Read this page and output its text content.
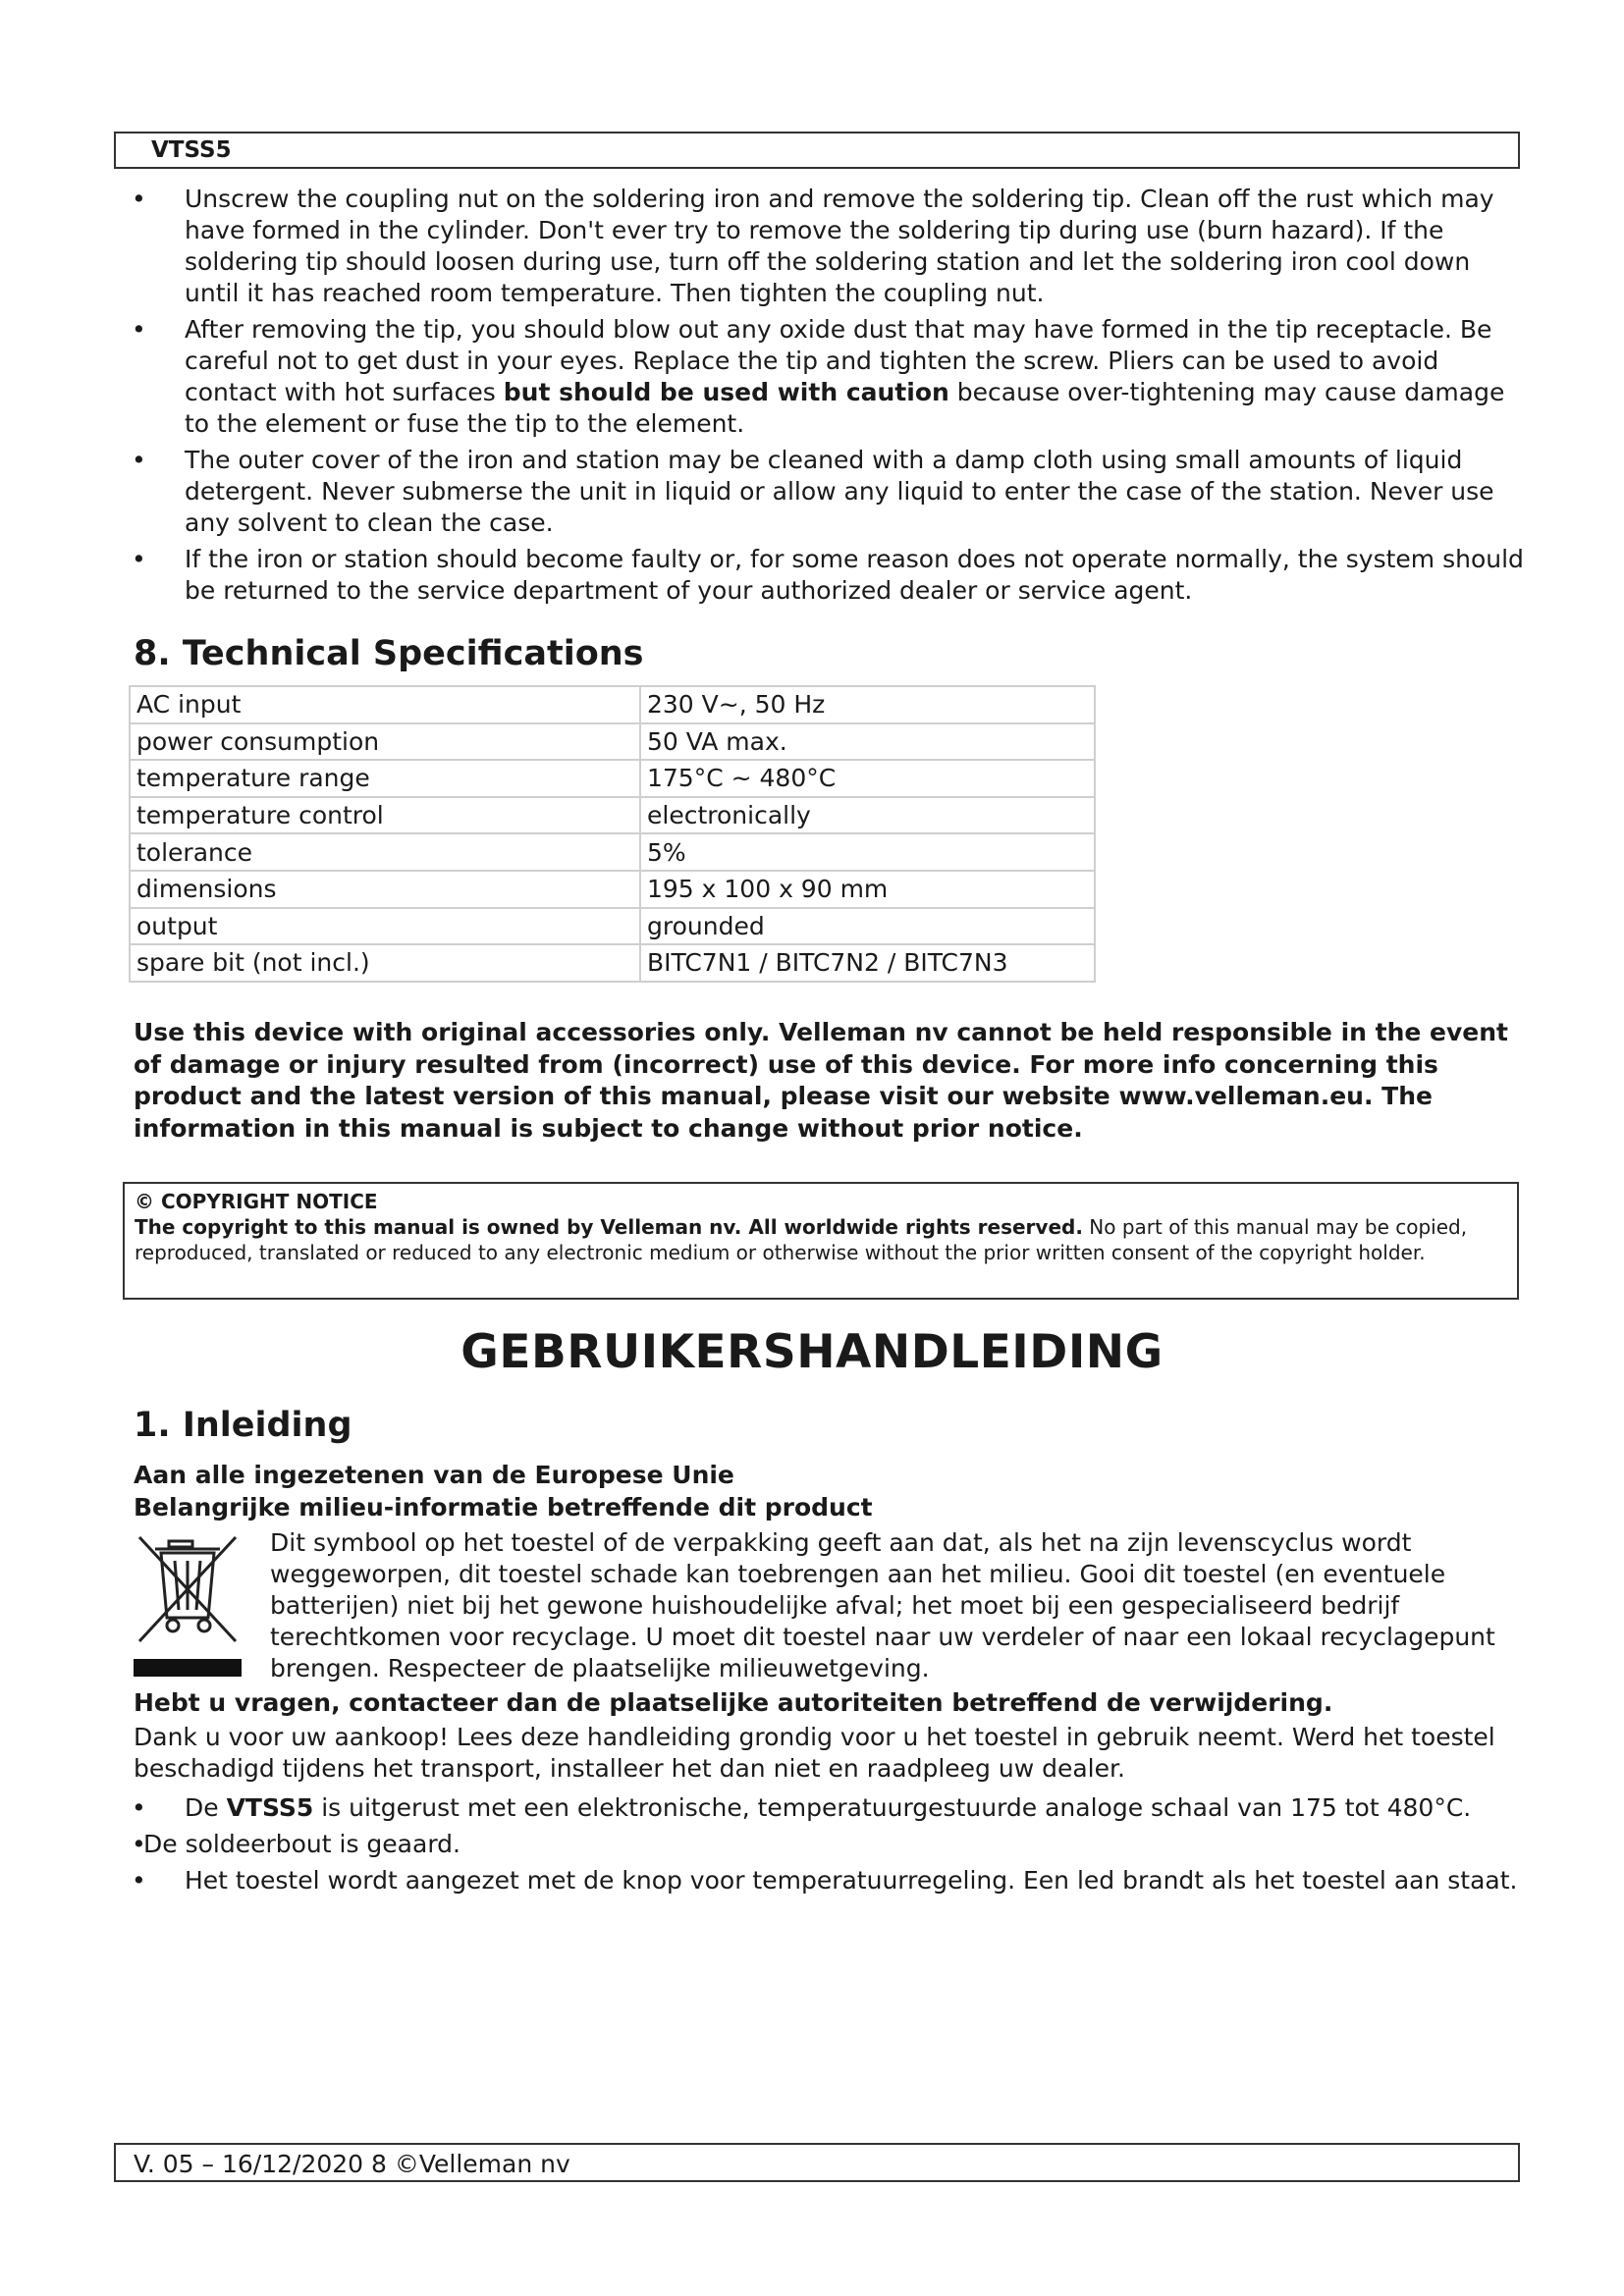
VTSS5
• Unscrew the coupling nut on the soldering iron and remove the soldering tip. Clean off the rust which may have formed in the cylinder. Don't ever try to remove the soldering tip during use (burn hazard). If the soldering tip should loosen during use, turn off the soldering station and let the soldering iron cool down until it has reached room temperature. Then tighten the coupling nut.
• After removing the tip, you should blow out any oxide dust that may have formed in the tip receptacle. Be careful not to get dust in your eyes. Replace the tip and tighten the screw. Pliers can be used to avoid contact with hot surfaces but should be used with caution because over-tightening may cause damage to the element or fuse the tip to the element.
• The outer cover of the iron and station may be cleaned with a damp cloth using small amounts of liquid detergent. Never submerse the unit in liquid or allow any liquid to enter the case of the station. Never use any solvent to clean the case.
• If the iron or station should become faulty or, for some reason does not operate normally, the system should be returned to the service department of your authorized dealer or service agent.
8. Technical Specifications
AC input	230 V~, 50 Hz
power consumption	50 VA max.
temperature range	175°C ~ 480°C
temperature control	electronically
tolerance	5%
dimensions	195 x 100 x 90 mm
output	grounded
spare bit (not incl.)	BITC7N1 / BITC7N2 / BITC7N3
Use this device with original accessories only. Velleman nv cannot be held responsible in the event of damage or injury resulted from (incorrect) use of this device. For more info concerning this product and the latest version of this manual, please visit our website www.velleman.eu. The information in this manual is subject to change without prior notice.
© COPYRIGHT NOTICE
The copyright to this manual is owned by Velleman nv. All worldwide rights reserved. No part of this manual may be copied, reproduced, translated or reduced to any electronic medium or otherwise without the prior written consent of the copyright holder.
GEBRUIKERSHANDLEIDING
1. Inleiding
Aan alle ingezetenen van de Europese Unie
Belangrijke milieu-informatie betreffende dit product
Dit symbool op het toestel of de verpakking geeft aan dat, als het na zijn levenscyclus wordt weggeworpen, dit toestel schade kan toebrengen aan het milieu. Gooi dit toestel (en eventuele batterijen) niet bij het gewone huishoudelijke afval; het moet bij een gespecialiseerd bedrijf terechtkomen voor recyclage. U moet dit toestel naar uw verdeler of naar een lokaal recyclagepunt brengen. Respecteer de plaatselijke milieuwetgeving.
Hebt u vragen, contacteer dan de plaatselijke autoriteiten betreffend de verwijdering.
Dank u voor uw aankoop! Lees deze handleiding grondig voor u het toestel in gebruik neemt. Werd het toestel beschadigd tijdens het transport, installeer het dan niet en raadpleeg uw dealer.
• De VTSS5 is uitgerust met een elektronische, temperatuurgestuurde analoge schaal van 175 tot 480°C.
•
De soldeerbout is geaard.
• Het toestel wordt aangezet met de knop voor temperatuurregeling. Een led brandt als het toestel aan staat.
V. 05 – 16/12/2020 8 ©Velleman nv
